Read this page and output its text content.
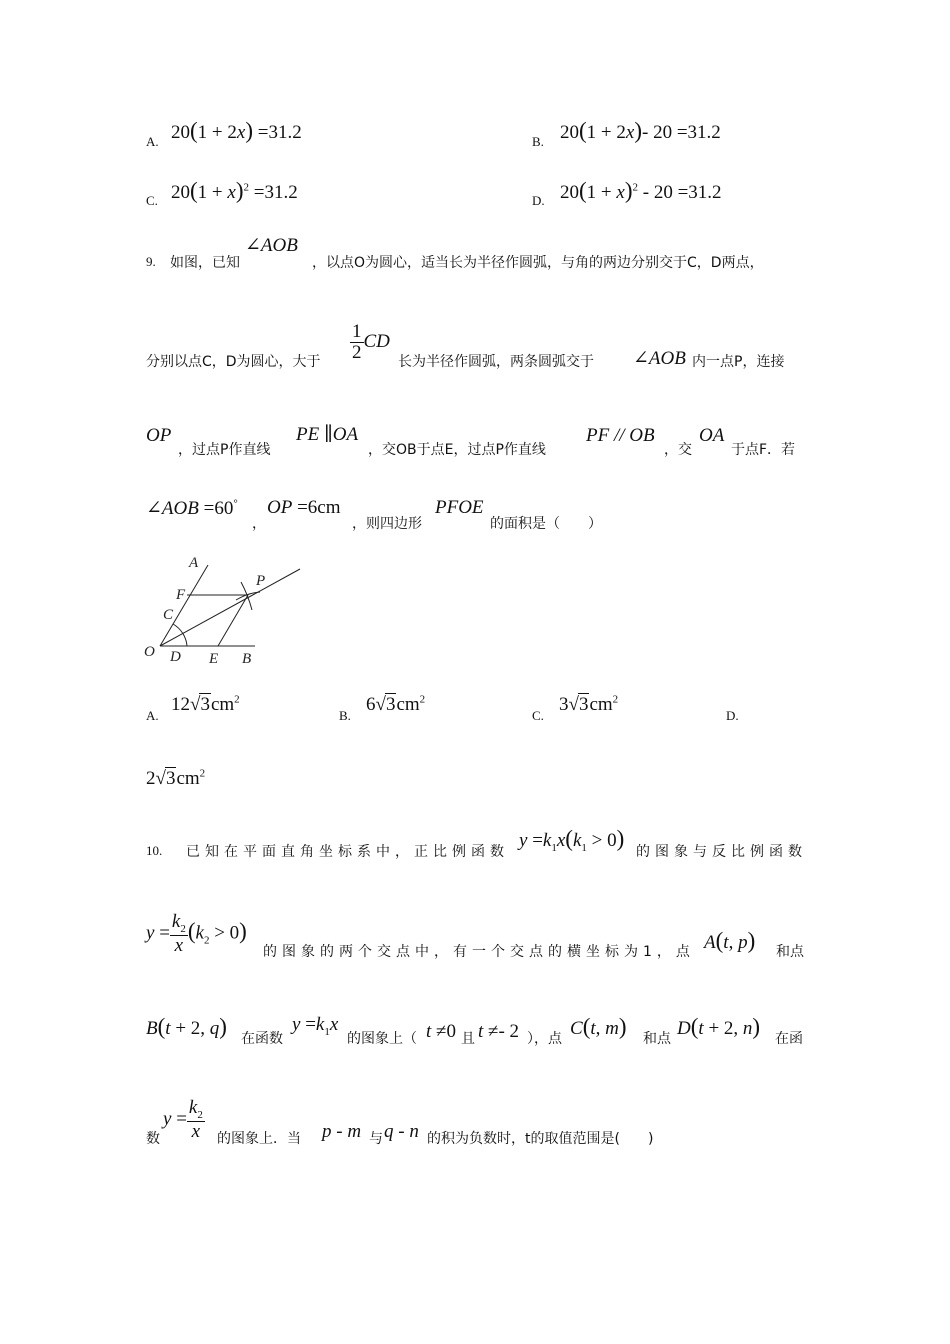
A. 20(1 + 2x) =31.2	B. 20(1 + 2x)- 20 =31.2
C. $20(1 + x)^2 =31.2$	D. $20(1 + x)^2 - 20 =31.2$
9. 如图，已知
∠AOB
，以点O为圆心，适当长为半径作圆弧，与角的两边分别交于C，D两点，
分别以点C，D为圆心，大于 $\frac{1}{2}$ CD
长为半径作圆弧，两条圆弧交于 ∠AOB 内一点P，连接
OP
，过点P作直线
PE ∥OA
，交OB于点E，过点P作直线
PF // OB
，交
OA
于点F．若
∠AOB =60°
，
OP =6cm
，则四边形
PFOE
的面积是（　　）
A
F
C
O D E B
P
A.
$12√3cm^2$
B.
$6√3cm^2$
C.
$3√3cm^2$
D.
$2√3cm^2$
10. 已知在平面直角坐标系中，正比例函数
$y =k_1x(k_1 > 0)$
的图象与反比例函数
$y = \frac{k_2}{x} (k_2 > 0)$
的图象的两个交点中，有一个交点的横坐标为1，点 A(t, p) 和点
B(t + 2, q) 在函数
$y =k_1x$
的图象上（ t ≠0 且 t ≠- 2 ），点 C(t, m) 和点 D(t + 2, n) 在函
数
$y = \frac{k_2}{x}$ 的图象上．当 p - m 与 q - n 的积为负数时，t的取值范围是(　　)
